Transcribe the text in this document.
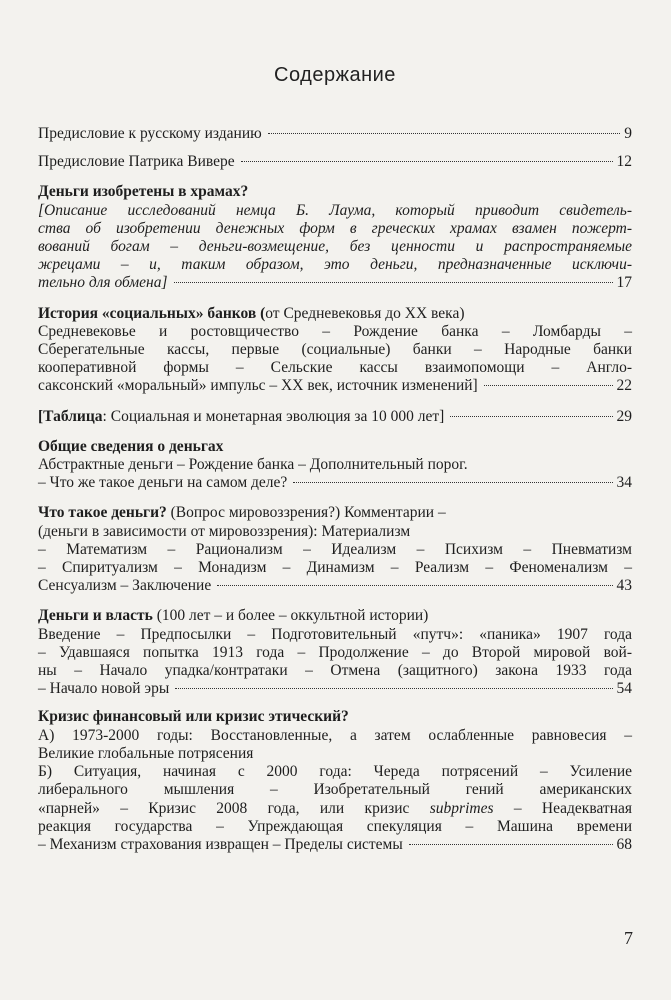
Содержание
Предисловие к русскому изданию	9
Предисловие Патрика Вивере	12
Деньги изобретены в храмах?
[Описание исследований немца Б. Лаума, который приводит свидетель-
ства об изобретении денежных форм в греческих храмах взамен пожерт-
вований богам – деньги-возмещение, без ценности и распространяемые
жрецами – и, таким образом, это деньги, предназначенные исключи-
тельно для обмена]	17
История «социальных» банков (от Средневековья до ХХ века)
Средневековье и ростовщичество – Рождение банка – Ломбарды –
Сберегательные кассы, первые (социальные) банки – Народные банки
кооперативной формы – Сельские кассы взаимопомощи – Англо-
саксонский «моральный» импульс – ХХ век, источник изменений]	22
[Таблица: Социальная и монетарная эволюция за 10 000 лет]	29
Общие сведения о деньгах
Абстрактные деньги – Рождение банка – Дополнительный порог.
– Что же такое деньги на самом деле?	34
Что такое деньги? (Вопрос мировоззрения?) Комментарии –
(деньги в зависимости от мировоззрения): Материализм
– Математизм – Рационализм – Идеализм – Психизм – Пневматизм
– Спиритуализм – Монадизм – Динамизм – Реализм – Феноменализм –
Сенсуализм – Заключение	43
Деньги и власть (100 лет – и более – оккультной истории)
Введение – Предпосылки – Подготовительный «путч»: «паника» 1907 года
– Удавшаяся попытка 1913 года – Продолжение – до Второй мировой вой-
ны – Начало упадка/контратаки – Отмена (защитного) закона 1933 года
– Начало новой эры	54
Кризис финансовый или кризис этический?
А) 1973-2000 годы: Восстановленные, а затем ослабленные равновесия –
Великие глобальные потрясения
Б) Ситуация, начиная с 2000 года: Череда потрясений – Усиление
либерального мышления – Изобретательный гений американских
«парней» – Кризис 2008 года, или кризис subprimes – Неадекватная
реакция государства – Упреждающая спекуляция – Машина времени
– Механизм страхования извращен – Пределы системы	68
7
